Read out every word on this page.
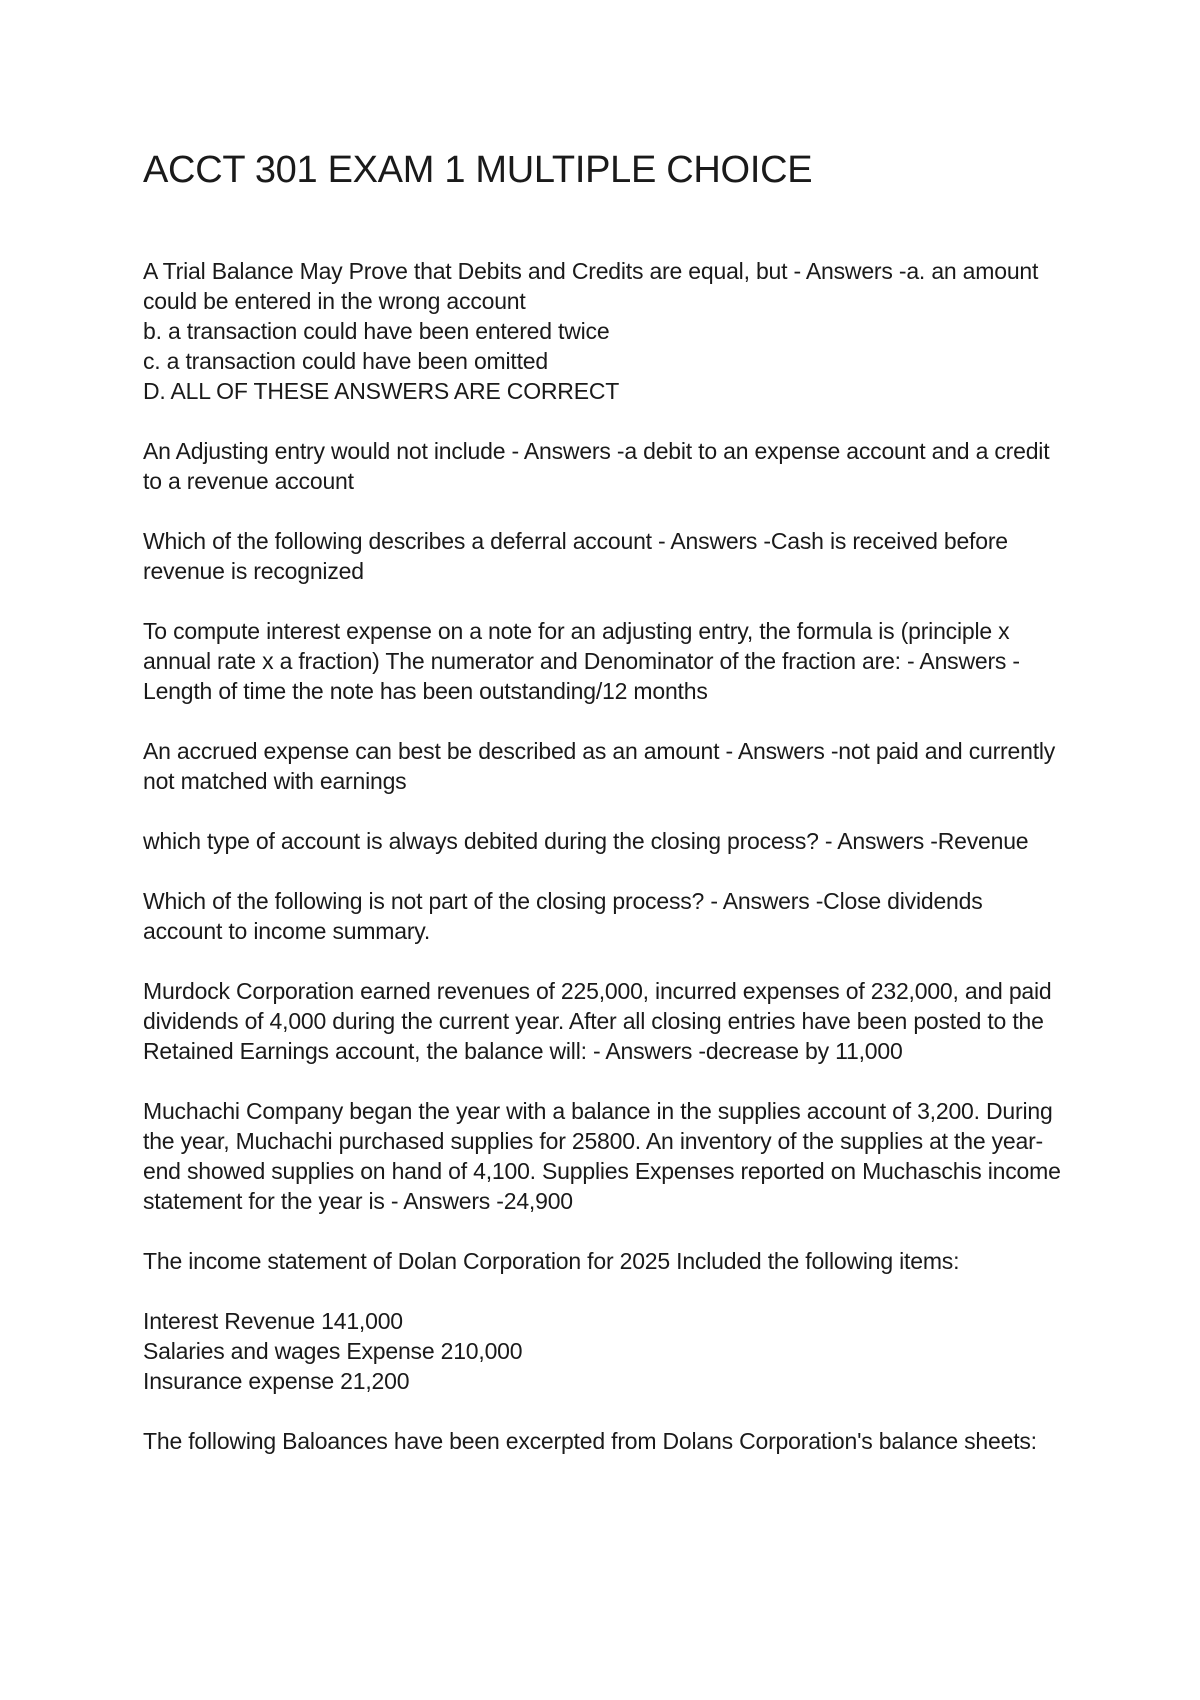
ACCT 301 EXAM 1 MULTIPLE CHOICE
A Trial Balance May Prove that Debits and Credits are equal, but - Answers -a. an amount could be entered in the wrong account
b. a transaction could have been entered twice
c. a transaction could have been omitted
D. ALL OF THESE ANSWERS ARE CORRECT
An Adjusting entry would not include - Answers -a debit to an expense account and a credit to a revenue account
Which of the following describes a deferral account - Answers -Cash is received before revenue is recognized
To compute interest expense on a note for an adjusting entry, the formula is (principle x annual rate x a fraction) The numerator and Denominator of the fraction are: - Answers -Length of time the note has been outstanding/12 months
An accrued expense can best be described as an amount - Answers -not paid and currently not matched with earnings
which type of account is always debited during the closing process? - Answers -Revenue
Which of the following is not part of the closing process? - Answers -Close dividends account to income summary.
Murdock Corporation earned revenues of 225,000, incurred expenses of 232,000, and paid dividends of 4,000 during the current year. After all closing entries have been posted to the Retained Earnings account, the balance will: - Answers -decrease by 11,000
Muchachi Company began the year with a balance in the supplies account of 3,200. During the year, Muchachi purchased supplies for 25800. An inventory of the supplies at the year-end showed supplies on hand of 4,100. Supplies Expenses reported on Muchaschis income statement for the year is - Answers -24,900
The income statement of Dolan Corporation for 2025 Included the following items:
Interest Revenue 141,000
Salaries and wages Expense 210,000
Insurance expense 21,200
The following Baloances have been excerpted from Dolans Corporation's balance sheets:
